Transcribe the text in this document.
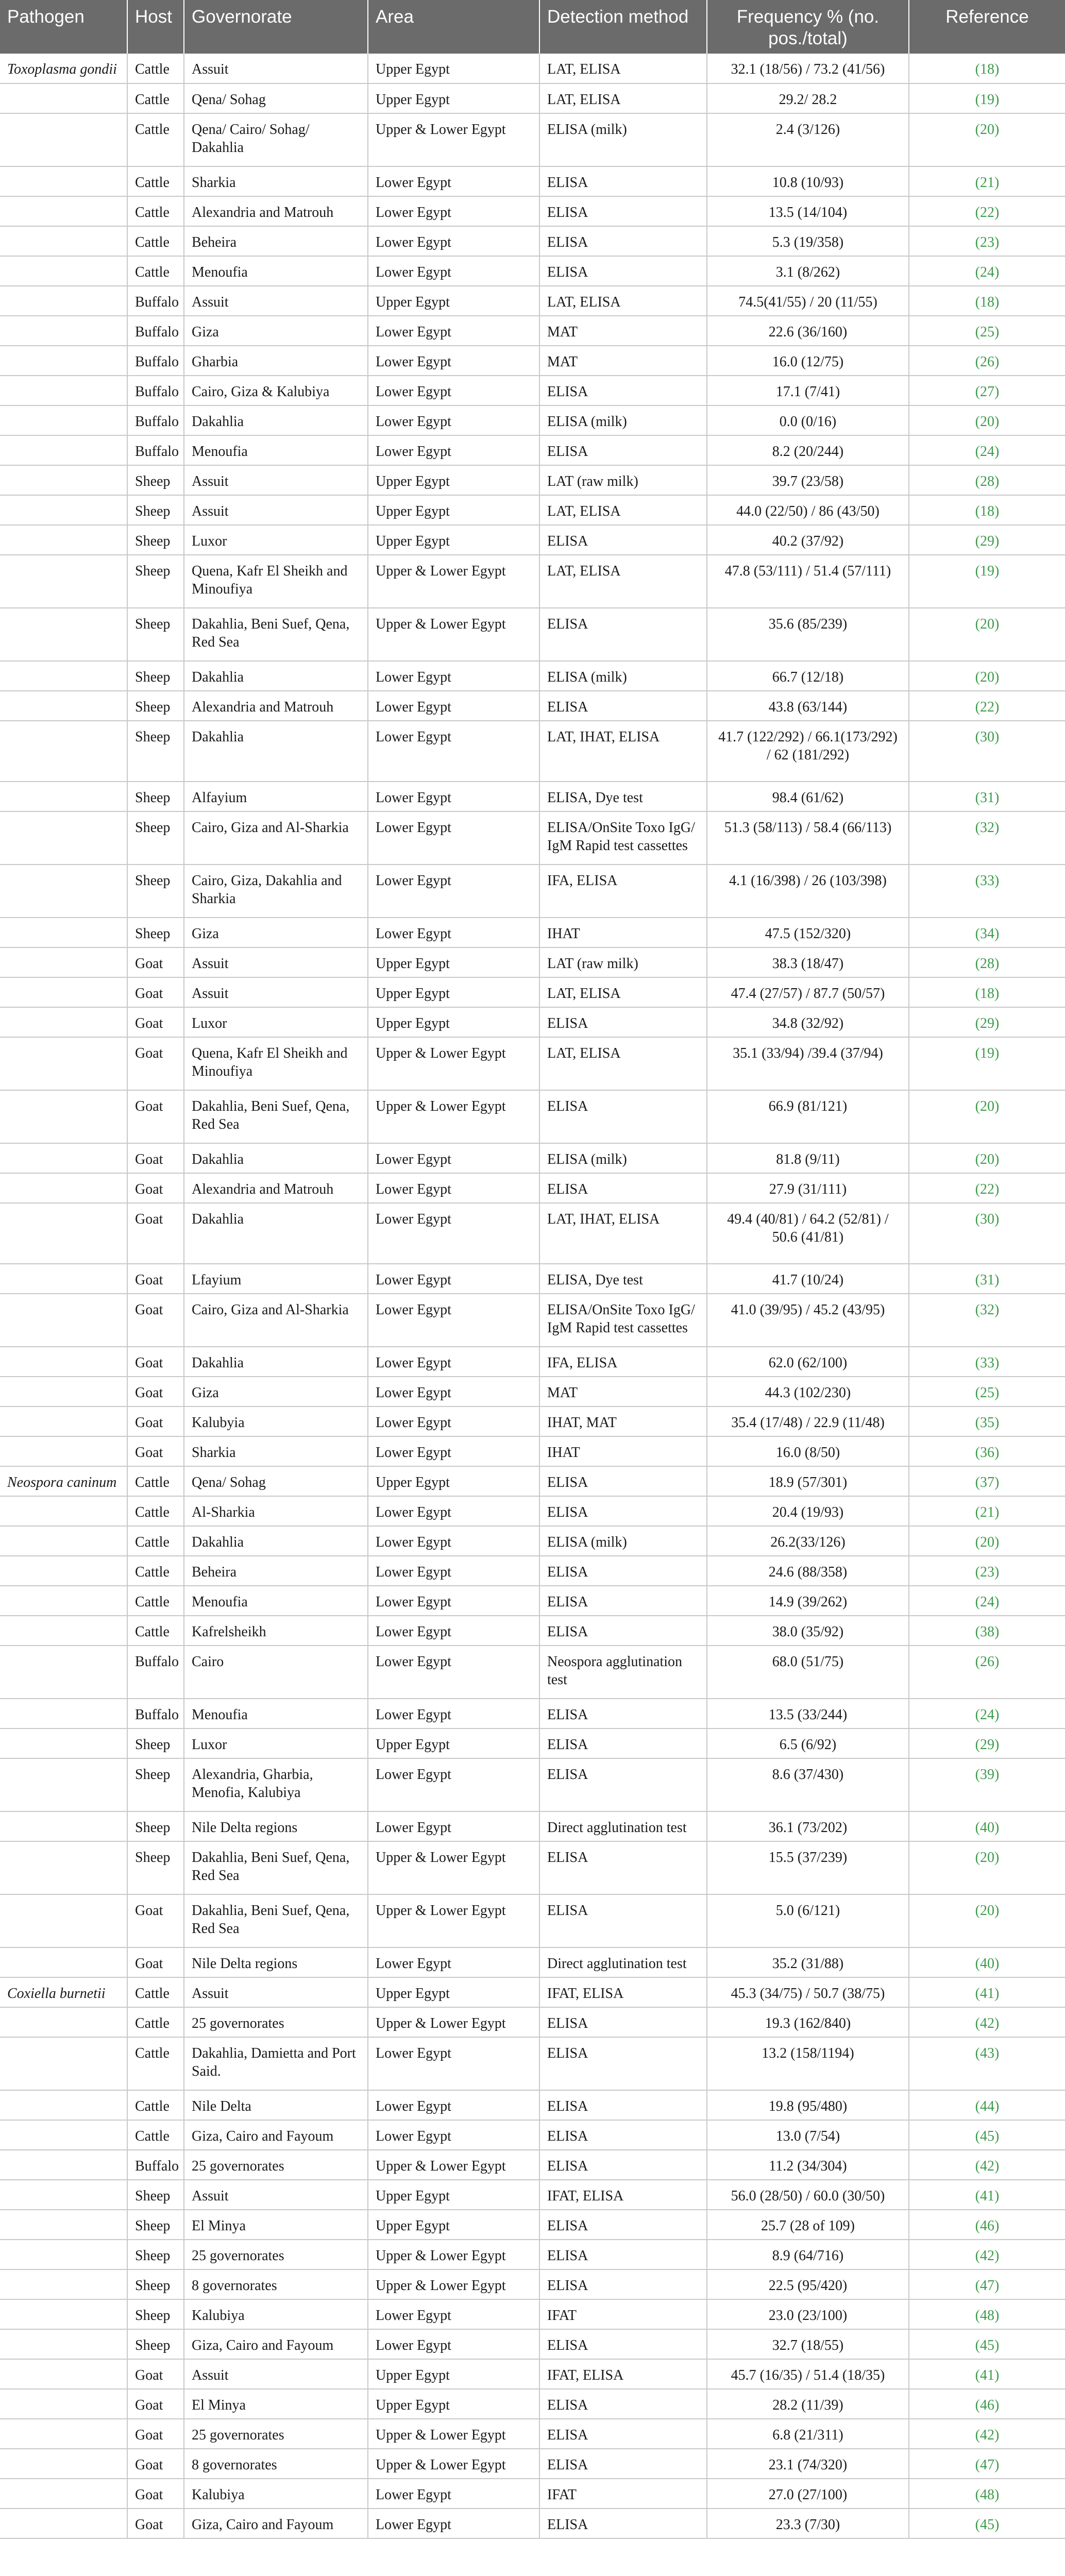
Pathogen	Host	Governorate	Area	Detection method	Frequency % (no. pos./total)	Reference
Toxoplasma gondii	Cattle	Assuit	Upper Egypt	LAT, ELISA	32.1 (18/56) / 73.2 (41/56)	(18)
	Cattle	Qena/ Sohag	Upper Egypt	LAT, ELISA	29.2/ 28.2	(19)
	Cattle	Qena/ Cairo/ Sohag/ Dakahlia	Upper & Lower Egypt	ELISA (milk)	2.4 (3/126)	(20)
	Cattle	Sharkia	Lower Egypt	ELISA	10.8 (10/93)	(21)
	Cattle	Alexandria and Matrouh	Lower Egypt	ELISA	13.5 (14/104)	(22)
	Cattle	Beheira	Lower Egypt	ELISA	5.3 (19/358)	(23)
	Cattle	Menoufia	Lower Egypt	ELISA	3.1 (8/262)	(24)
	Buffalo	Assuit	Upper Egypt	LAT, ELISA	74.5(41/55) / 20 (11/55)	(18)
	Buffalo	Giza	Lower Egypt	MAT	22.6 (36/160)	(25)
	Buffalo	Gharbia	Lower Egypt	MAT	16.0 (12/75)	(26)
	Buffalo	Cairo, Giza & Kalubiya	Lower Egypt	ELISA	17.1 (7/41)	(27)
	Buffalo	Dakahlia	Lower Egypt	ELISA (milk)	0.0 (0/16)	(20)
	Buffalo	Menoufia	Lower Egypt	ELISA	8.2 (20/244)	(24)
	Sheep	Assuit	Upper Egypt	LAT (raw milk)	39.7 (23/58)	(28)
	Sheep	Assuit	Upper Egypt	LAT, ELISA	44.0 (22/50) / 86 (43/50)	(18)
	Sheep	Luxor	Upper Egypt	ELISA	40.2 (37/92)	(29)
	Sheep	Quena, Kafr El Sheikh and Minoufiya	Upper & Lower Egypt	LAT, ELISA	47.8 (53/111) / 51.4 (57/111)	(19)
	Sheep	Dakahlia, Beni Suef, Qena, Red Sea	Upper & Lower Egypt	ELISA	35.6 (85/239)	(20)
	Sheep	Dakahlia	Lower Egypt	ELISA (milk)	66.7 (12/18)	(20)
	Sheep	Alexandria and Matrouh	Lower Egypt	ELISA	43.8 (63/144)	(22)
	Sheep	Dakahlia	Lower Egypt	LAT, IHAT, ELISA	41.7 (122/292) / 66.1(173/292) / 62 (181/292)	(30)
	Sheep	Alfayium	Lower Egypt	ELISA, Dye test	98.4 (61/62)	(31)
	Sheep	Cairo, Giza and Al-Sharkia	Lower Egypt	ELISA/OnSite Toxo IgG/ IgM Rapid test cassettes	51.3 (58/113) / 58.4 (66/113)	(32)
	Sheep	Cairo, Giza, Dakahlia and Sharkia	Lower Egypt	IFA, ELISA	4.1 (16/398) / 26 (103/398)	(33)
	Sheep	Giza	Lower Egypt	IHAT	47.5 (152/320)	(34)
	Goat	Assuit	Upper Egypt	LAT (raw milk)	38.3 (18/47)	(28)
	Goat	Assuit	Upper Egypt	LAT, ELISA	47.4 (27/57) / 87.7 (50/57)	(18)
	Goat	Luxor	Upper Egypt	ELISA	34.8 (32/92)	(29)
	Goat	Quena, Kafr El Sheikh and Minoufiya	Upper & Lower Egypt	LAT, ELISA	35.1 (33/94) /39.4 (37/94)	(19)
	Goat	Dakahlia, Beni Suef, Qena, Red Sea	Upper & Lower Egypt	ELISA	66.9 (81/121)	(20)
	Goat	Dakahlia	Lower Egypt	ELISA (milk)	81.8 (9/11)	(20)
	Goat	Alexandria and Matrouh	Lower Egypt	ELISA	27.9 (31/111)	(22)
	Goat	Dakahlia	Lower Egypt	LAT, IHAT, ELISA	49.4 (40/81) / 64.2 (52/81) / 50.6 (41/81)	(30)
	Goat	Lfayium	Lower Egypt	ELISA, Dye test	41.7 (10/24)	(31)
	Goat	Cairo, Giza and Al-Sharkia	Lower Egypt	ELISA/OnSite Toxo IgG/ IgM Rapid test cassettes	41.0 (39/95) / 45.2 (43/95)	(32)
	Goat	Dakahlia	Lower Egypt	IFA, ELISA	62.0 (62/100)	(33)
	Goat	Giza	Lower Egypt	MAT	44.3 (102/230)	(25)
	Goat	Kalubyia	Lower Egypt	IHAT, MAT	35.4 (17/48) / 22.9 (11/48)	(35)
	Goat	Sharkia	Lower Egypt	IHAT	16.0 (8/50)	(36)
Neospora caninum	Cattle	Qena/ Sohag	Upper Egypt	ELISA	18.9 (57/301)	(37)
	Cattle	Al-Sharkia	Lower Egypt	ELISA	20.4 (19/93)	(21)
	Cattle	Dakahlia	Lower Egypt	ELISA (milk)	26.2(33/126)	(20)
	Cattle	Beheira	Lower Egypt	ELISA	24.6 (88/358)	(23)
	Cattle	Menoufia	Lower Egypt	ELISA	14.9 (39/262)	(24)
	Cattle	Kafrelsheikh	Lower Egypt	ELISA	38.0 (35/92)	(38)
	Buffalo	Cairo	Lower Egypt	Neospora agglutination test	68.0 (51/75)	(26)
	Buffalo	Menoufia	Lower Egypt	ELISA	13.5 (33/244)	(24)
	Sheep	Luxor	Upper Egypt	ELISA	6.5 (6/92)	(29)
	Sheep	Alexandria, Gharbia, Menofia, Kalubiya	Lower Egypt	ELISA	8.6 (37/430)	(39)
	Sheep	Nile Delta regions	Lower Egypt	Direct agglutination test	36.1 (73/202)	(40)
	Sheep	Dakahlia, Beni Suef, Qena, Red Sea	Upper & Lower Egypt	ELISA	15.5 (37/239)	(20)
	Goat	Dakahlia, Beni Suef, Qena, Red Sea	Upper & Lower Egypt	ELISA	5.0 (6/121)	(20)
	Goat	Nile Delta regions	Lower Egypt	Direct agglutination test	35.2 (31/88)	(40)
Coxiella burnetii	Cattle	Assuit	Upper Egypt	IFAT, ELISA	45.3 (34/75) / 50.7 (38/75)	(41)
	Cattle	25 governorates	Upper & Lower Egypt	ELISA	19.3 (162/840)	(42)
	Cattle	Dakahlia, Damietta and Port Said.	Lower Egypt	ELISA	13.2 (158/1194)	(43)
	Cattle	Nile Delta	Lower Egypt	ELISA	19.8 (95/480)	(44)
	Cattle	Giza, Cairo and Fayoum	Lower Egypt	ELISA	13.0 (7/54)	(45)
	Buffalo	25 governorates	Upper & Lower Egypt	ELISA	11.2 (34/304)	(42)
	Sheep	Assuit	Upper Egypt	IFAT, ELISA	56.0 (28/50) / 60.0 (30/50)	(41)
	Sheep	El Minya	Upper Egypt	ELISA	25.7 (28 of 109)	(46)
	Sheep	25 governorates	Upper & Lower Egypt	ELISA	8.9 (64/716)	(42)
	Sheep	8 governorates	Upper & Lower Egypt	ELISA	22.5 (95/420)	(47)
	Sheep	Kalubiya	Lower Egypt	IFAT	23.0 (23/100)	(48)
	Sheep	Giza, Cairo and Fayoum	Lower Egypt	ELISA	32.7 (18/55)	(45)
	Goat	Assuit	Upper Egypt	IFAT, ELISA	45.7 (16/35) / 51.4 (18/35)	(41)
	Goat	El Minya	Upper Egypt	ELISA	28.2 (11/39)	(46)
	Goat	25 governorates	Upper & Lower Egypt	ELISA	6.8 (21/311)	(42)
	Goat	8 governorates	Upper & Lower Egypt	ELISA	23.1 (74/320)	(47)
	Goat	Kalubiya	Lower Egypt	IFAT	27.0 (27/100)	(48)
	Goat	Giza, Cairo and Fayoum	Lower Egypt	ELISA	23.3 (7/30)	(45)
